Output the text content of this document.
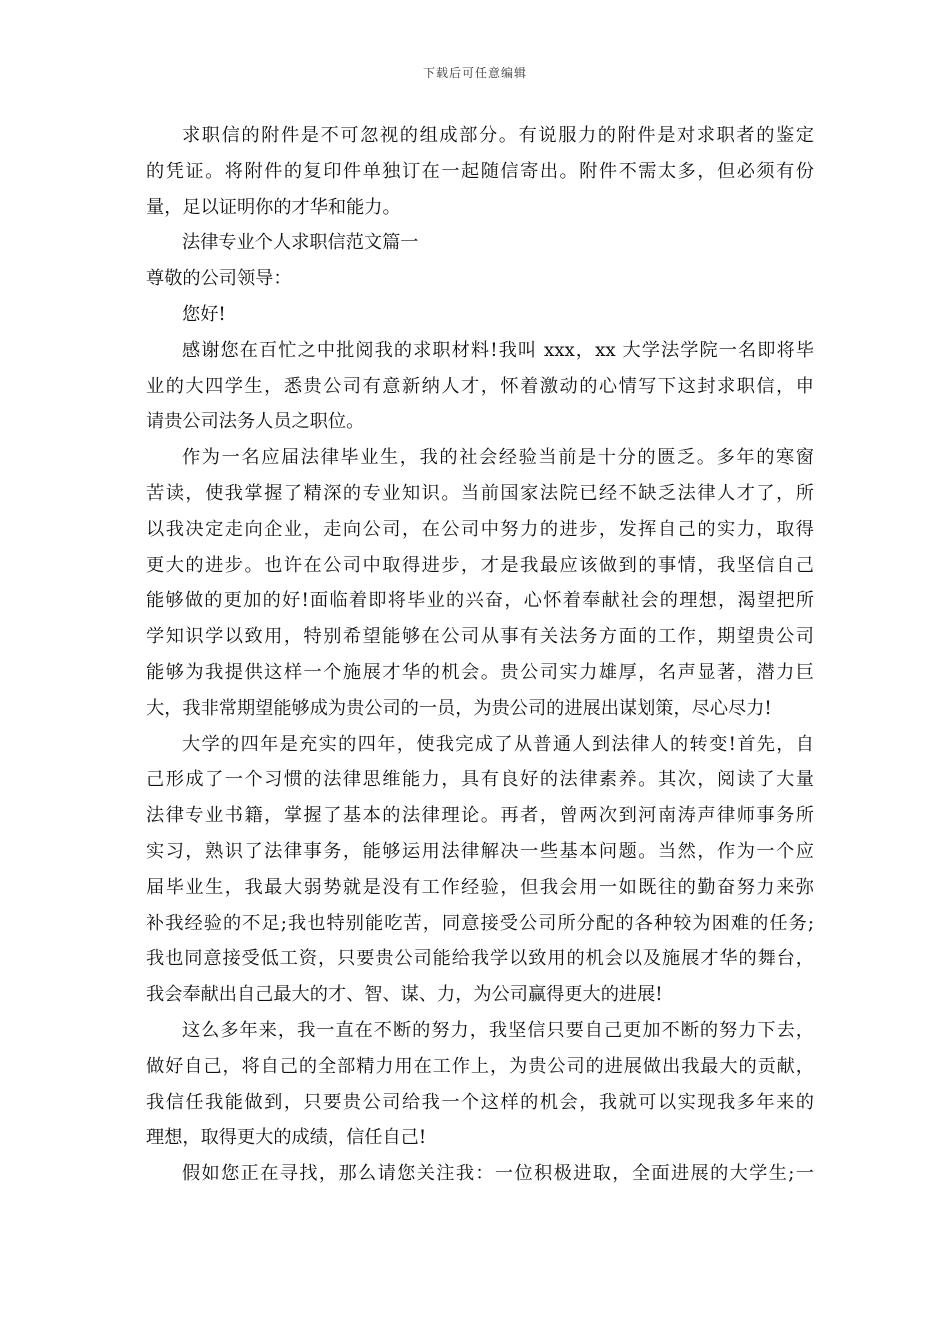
下载后可任意编辑
求职信的附件是不可忽视的组成部分。有说服力的附件是对求职者的鉴定
的凭证。将附件的复印件单独订在一起随信寄出。附件不需太多，但必须有份
量，足以证明你的才华和能力。
法律专业个人求职信范文篇一
尊敬的公司领导：
您好!
感谢您在百忙之中批阅我的求职材料!我叫 xxx，xx 大学法学院一名即将毕
业的大四学生，悉贵公司有意新纳人才，怀着激动的心情写下这封求职信，申
请贵公司法务人员之职位。
作为一名应届法律毕业生，我的社会经验当前是十分的匮乏。多年的寒窗
苦读，使我掌握了精深的专业知识。当前国家法院已经不缺乏法律人才了，所
以我决定走向企业，走向公司，在公司中努力的进步，发挥自己的实力，取得
更大的进步。也许在公司中取得进步，才是我最应该做到的事情，我坚信自己
能够做的更加的好!面临着即将毕业的兴奋，心怀着奉献社会的理想，渴望把所
学知识学以致用，特别希望能够在公司从事有关法务方面的工作，期望贵公司
能够为我提供这样一个施展才华的机会。贵公司实力雄厚，名声显著，潜力巨
大，我非常期望能够成为贵公司的一员，为贵公司的进展出谋划策，尽心尽力!
大学的四年是充实的四年，使我完成了从普通人到法律人的转变!首先，自
己形成了一个习惯的法律思维能力，具有良好的法律素养。其次，阅读了大量
法律专业书籍，掌握了基本的法律理论。再者，曾两次到河南涛声律师事务所
实习，熟识了法律事务，能够运用法律解决一些基本问题。当然，作为一个应
届毕业生，我最大弱势就是没有工作经验，但我会用一如既往的勤奋努力来弥
补我经验的不足;我也特别能吃苦，同意接受公司所分配的各种较为困难的任务;
我也同意接受低工资，只要贵公司能给我学以致用的机会以及施展才华的舞台，
我会奉献出自己最大的才、智、谋、力，为公司赢得更大的进展!
这么多年来，我一直在不断的努力，我坚信只要自己更加不断的努力下去，
做好自己，将自己的全部精力用在工作上，为贵公司的进展做出我最大的贡献，
我信任我能做到，只要贵公司给我一个这样的机会，我就可以实现我多年来的
理想，取得更大的成绩，信任自己!
假如您正在寻找，那么请您关注我：一位积极进取，全面进展的大学生;一
